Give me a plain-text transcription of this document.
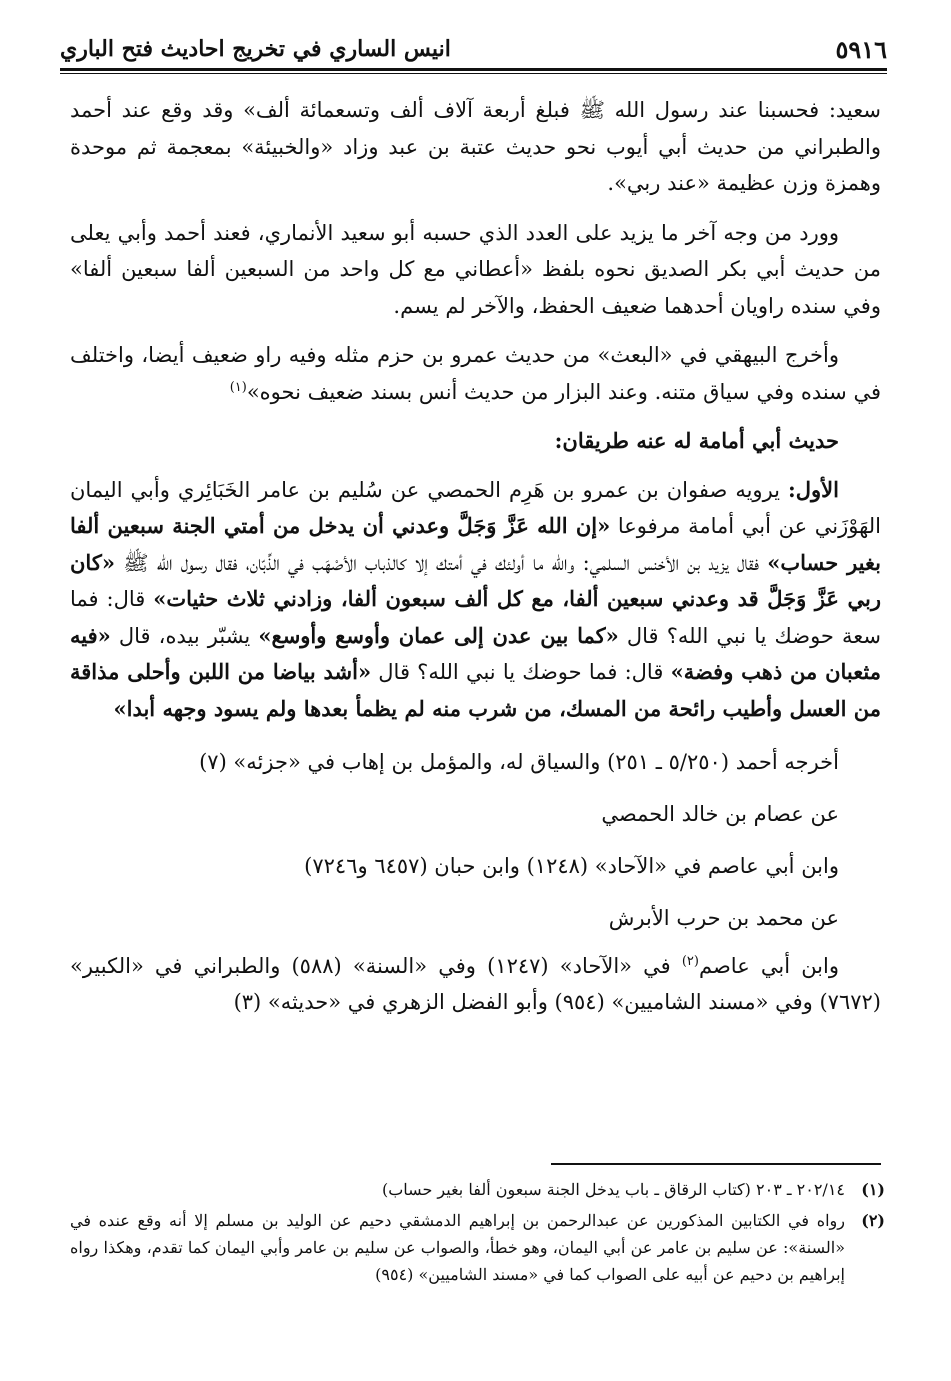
٥٩١٦
انيس الساري في تخريج احاديث فتح الباري

سعيد: فحسبنا عند رسول الله ﷺ فبلغ أربعة آلاف ألف وتسعمائة ألف» وقد وقع عند أحمد والطبراني من حديث أبي أيوب نحو حديث عتبة بن عبد وزاد «والخبيئة» بمعجمة ثم موحدة وهمزة وزن عظيمة «عند ربي».

وورد من وجه آخر ما يزيد على العدد الذي حسبه أبو سعيد الأنماري، فعند أحمد وأبي يعلى من حديث أبي بكر الصديق نحوه بلفظ «أعطاني مع كل واحد من السبعين ألفا سبعين ألفا» وفي سنده راويان أحدهما ضعيف الحفظ، والآخر لم يسم.

وأخرج البيهقي في «البعث» من حديث عمرو بن حزم مثله وفيه راو ضعيف أيضا، واختلف في سنده وفي سياق متنه. وعند البزار من حديث أنس بسند ضعيف نحوه»$^{(١)}$

حديث أبي أمامة له عنه طريقان:

الأول: يرويه صفوان بن عمرو بن هَرِم الحمصي عن سُليم بن عامر الخَبَائِري وأبي اليمان الهَوْزَني عن أبي أمامة مرفوعا «إن الله عَزَّ وَجَلَّ وعدني أن يدخل من أمتي الجنة سبعين ألفا بغير حساب» فقال يزيد بن الأخنس السلمي: والله ما أولئك في أمتك إلا كالذباب الأصْهَب في الذِّبّان، فقال رسول الله ﷺ «كان ربي عَزَّ وَجَلَّ قد وعدني سبعين ألفا، مع كل ألف سبعون ألفا، وزادني ثلاث حثيات» قال: فما سعة حوضك يا نبي الله؟ قال «كما بين عدن إلى عمان وأوسع وأوسع» يشبّر بيده، قال «فيه مثعبان من ذهب وفضة» قال: فما حوضك يا نبي الله؟ قال «أشد بياضا من اللبن وأحلى مذاقة من العسل وأطيب رائحة من المسك، من شرب منه لم يظمأ بعدها ولم يسود وجهه أبدا»

أخرجه أحمد (٥/٢٥٠ ـ ٢٥١) والسياق له، والمؤمل بن إهاب في «جزئه» (٧)

عن عصام بن خالد الحمصي

وابن أبي عاصم في «الآحاد» (١٢٤٨) وابن حبان (٦٤٥٧ و٧٢٤٦)

عن محمد بن حرب الأبرش

وابن أبي عاصم$^{(٢)}$ في «الآحاد» (١٢٤٧) وفي «السنة» (٥٨٨) والطبراني في «الكبير» (٧٦٧٢) وفي «مسند الشاميين» (٩٥٤) وأبو الفضل الزهري في «حديثه» (٣)

(١)
٢٠٢/١٤ ـ ٢٠٣ (كتاب الرقاق ـ باب يدخل الجنة سبعون ألفا بغير حساب)
(٢)
رواه في الكتابين المذكورين عن عبدالرحمن بن إبراهيم الدمشقي دحيم عن الوليد بن مسلم إلا أنه وقع عنده في «السنة»: عن سليم بن عامر عن أبي اليمان، وهو خطأ، والصواب عن سليم بن عامر وأبي اليمان كما تقدم، وهكذا رواه إبراهيم بن دحيم عن أبيه على الصواب كما في «مسند الشاميين» (٩٥٤)
